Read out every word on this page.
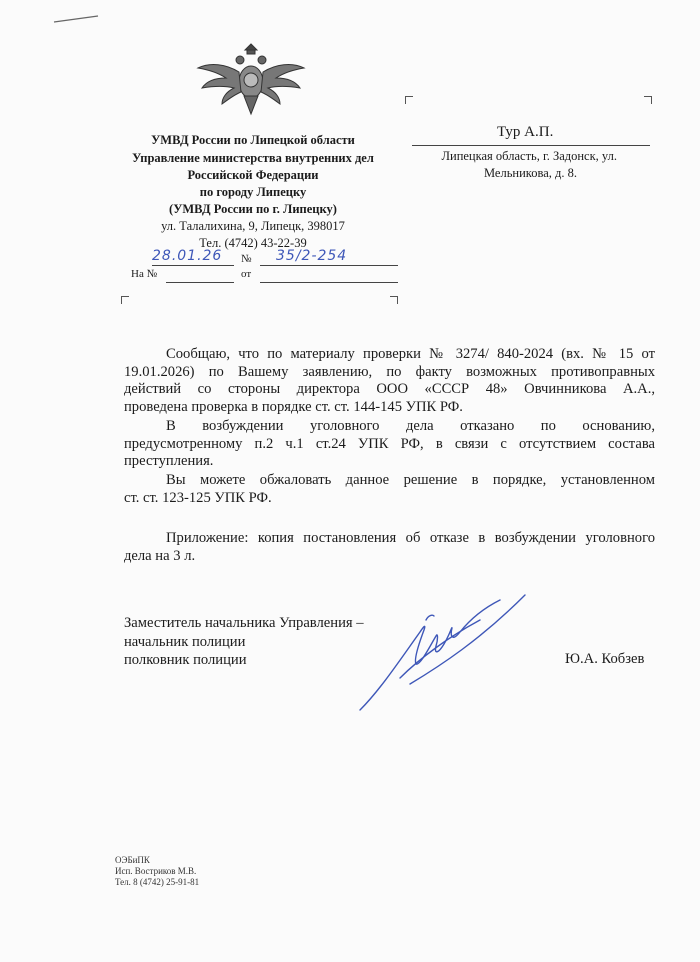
УМВД России по Липецкой области
Управление министерства внутренних дел
Российской Федерации
по городу Липецку
(УМВД России по г. Липецку)
ул. Талалихина, 9, Липецк, 398017
Тел. (4742) 43-22-39
28.01.26 № 35/2-254
На №	от
Тур А.П.
Липецкая область, г. Задонск, ул.
Мельникова, д. 8.
Сообщаю, что по материалу проверки № 3274/ 840-2024 (вх. № 15 от
19.01.2026) по Вашему заявлению, по факту возможных противоправных
действий со стороны директора ООО «СССР 48» Овчинникова А.А.,
проведена проверка в порядке ст. ст. 144-145 УПК РФ.
В возбуждении уголовного дела отказано по основанию,
предусмотренному п.2 ч.1 ст.24 УПК РФ, в связи с отсутствием состава
преступления.
Вы можете обжаловать данное решение в порядке, установленном
ст. ст. 123-125 УПК РФ.
Приложение: копия постановления об отказе в возбуждении уголовного
дела на 3 л.
Заместитель начальника Управления –
начальник полиции
полковник полиции	Ю.А. Кобзев
ОЭБиПК
Исп. Востриков М.В.
Тел. 8 (4742) 25-91-81
